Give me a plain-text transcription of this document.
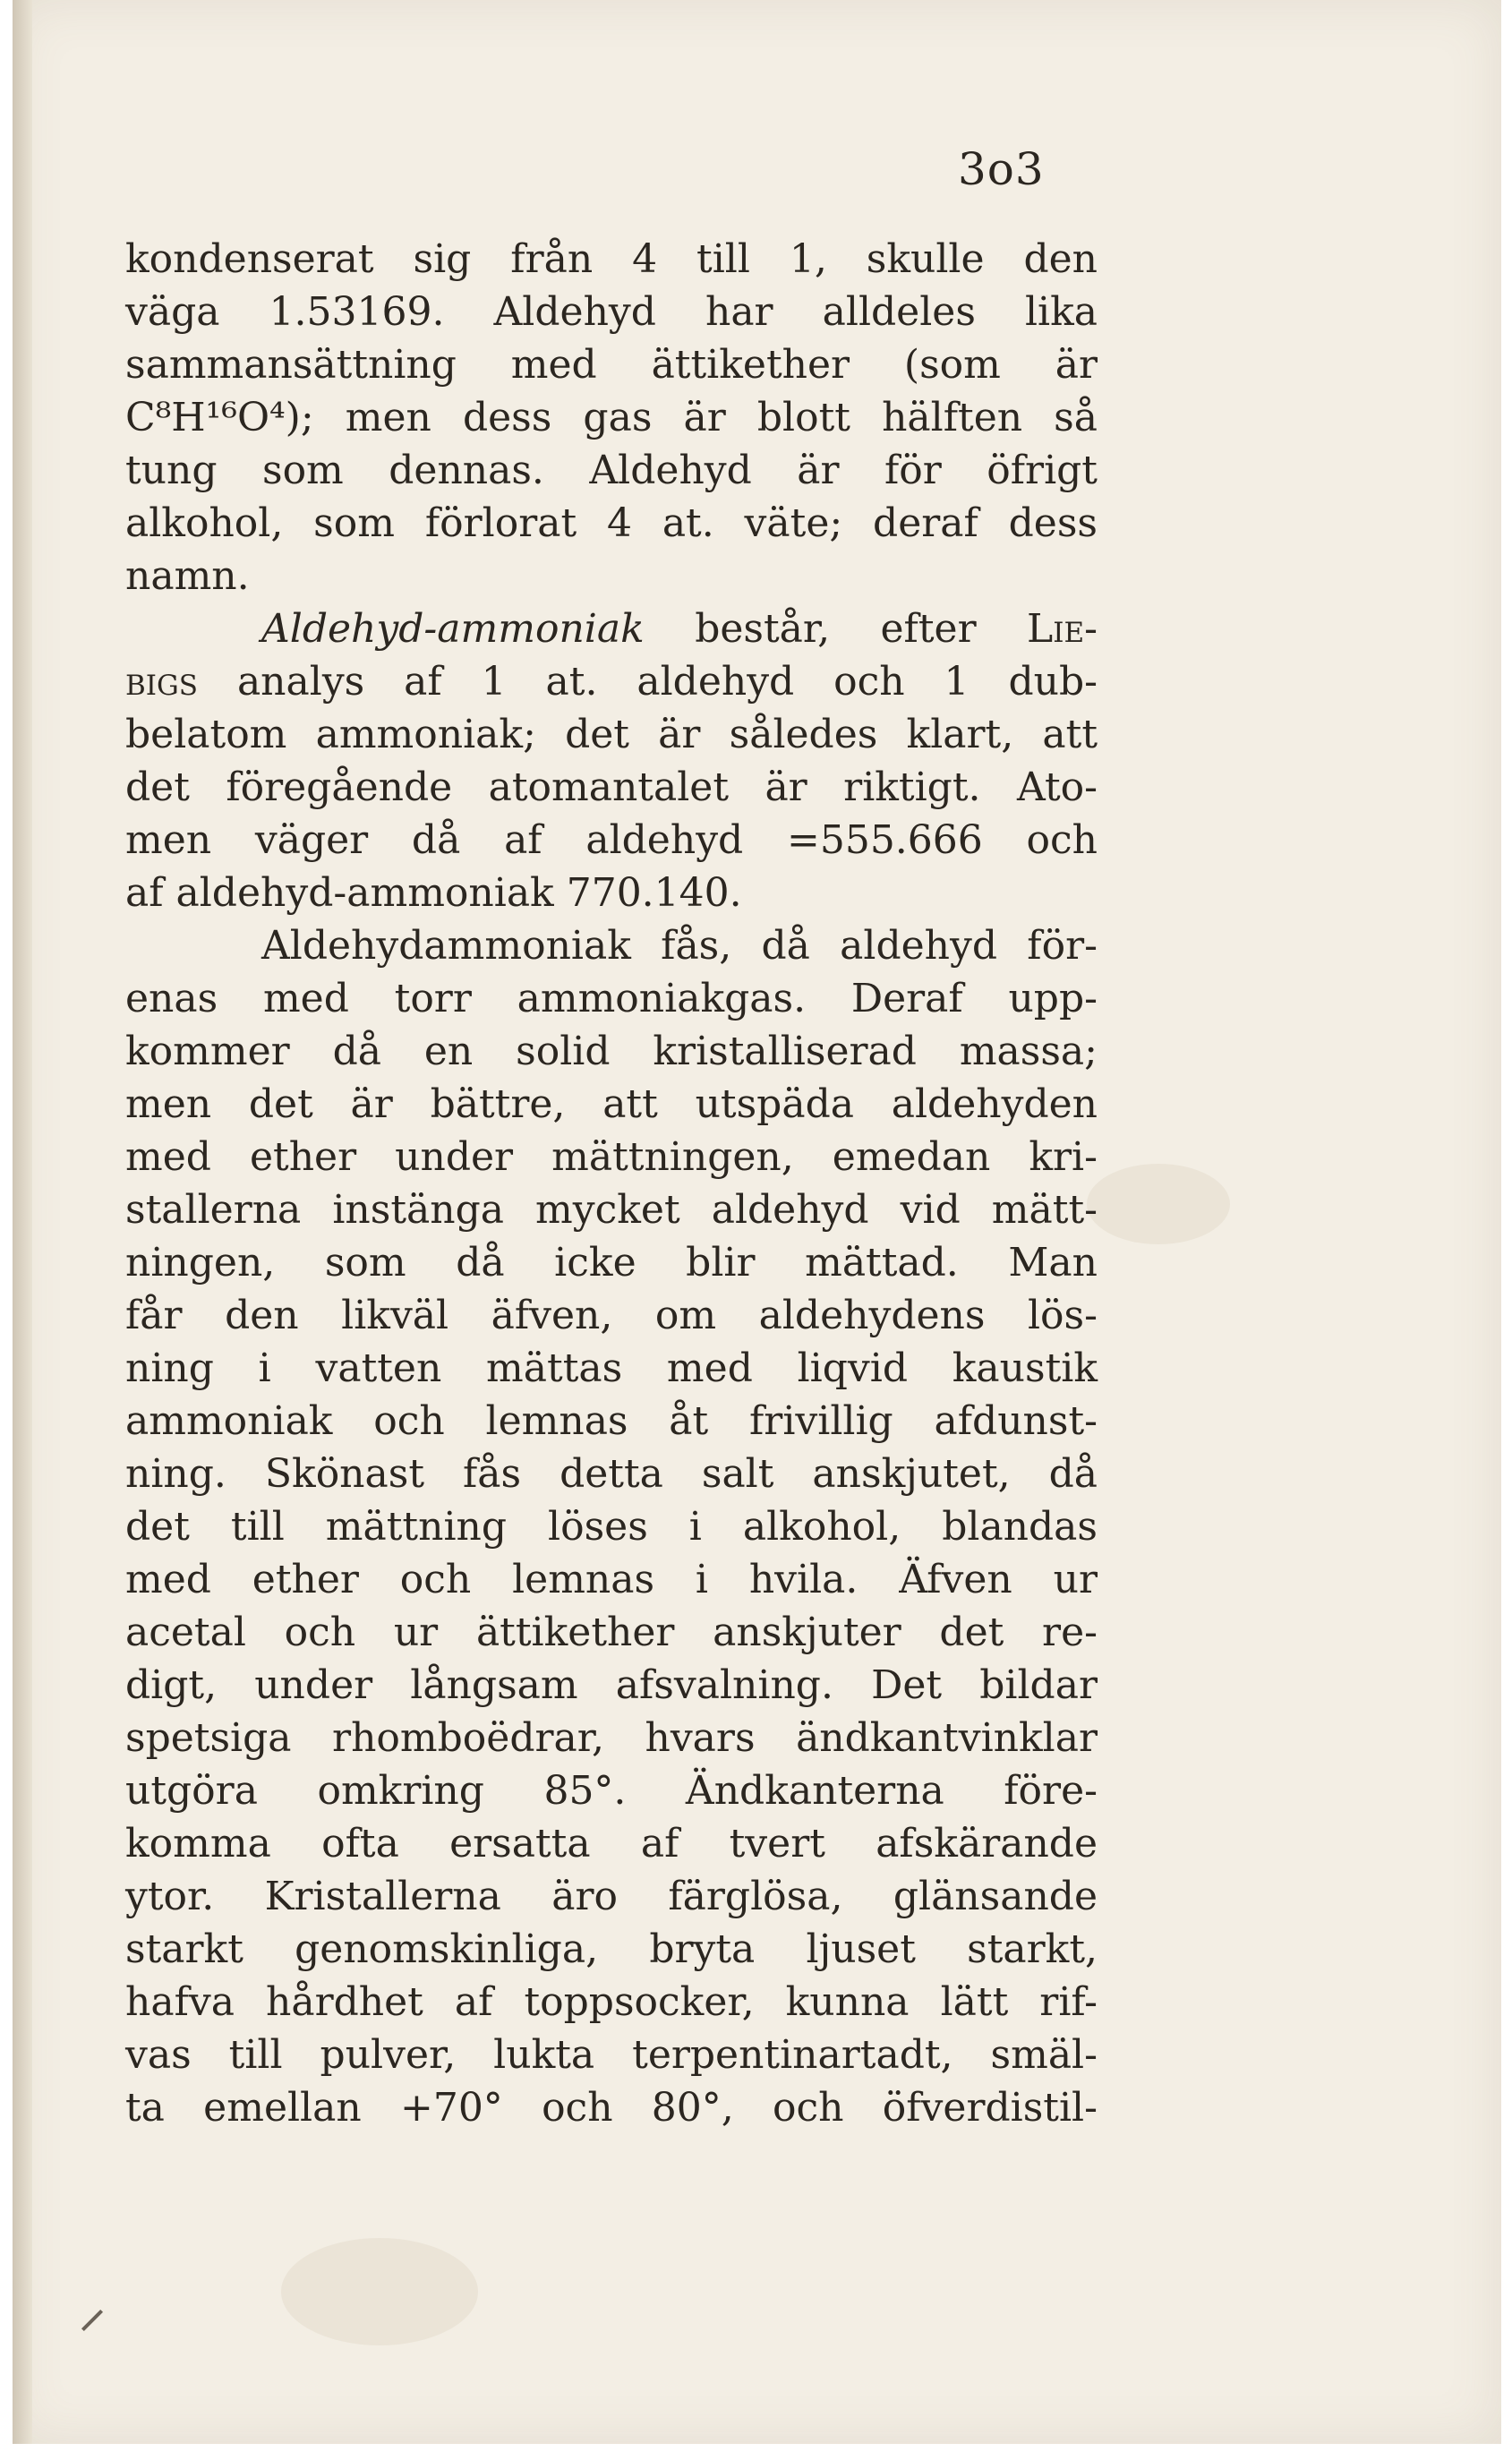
3o3
kondenserat sig från 4 till 1, skulle den
väga 1.53169. Aldehyd har alldeles lika
sammansättning med ättikether (som är
C⁸H¹⁶O⁴); men dess gas är blott hälften så
tung som dennas. Aldehyd är för öfrigt
alkohol, som förlorat 4 at. väte; deraf dess
namn.
Aldehyd-ammoniak består, efter Lie-
bigs analys af 1 at. aldehyd och 1 dub-
belatom ammoniak; det är således klart, att
det föregående atomantalet är riktigt. Ato-
men väger då af aldehyd =555.666 och
af aldehyd-ammoniak 770.140.
Aldehydammoniak fås, då aldehyd för-
enas med torr ammoniakgas. Deraf upp-
kommer då en solid kristalliserad massa;
men det är bättre, att utspäda aldehyden
med ether under mättningen, emedan kri-
stallerna instänga mycket aldehyd vid mätt-
ningen, som då icke blir mättad. Man
får den likväl äfven, om aldehydens lös-
ning i vatten mättas med liqvid kaustik
ammoniak och lemnas åt frivillig afdunst-
ning. Skönast fås detta salt anskjutet, då
det till mättning löses i alkohol, blandas
med ether och lemnas i hvila. Äfven ur
acetal och ur ättikether anskjuter det re-
digt, under långsam afsvalning. Det bildar
spetsiga rhomboëdrar, hvars ändkantvinklar
utgöra omkring 85°. Ändkanterna före-
komma ofta ersatta af tvert afskärande
ytor. Kristallerna äro färglösa, glänsande
starkt genomskinliga, bryta ljuset starkt,
hafva hårdhet af toppsocker, kunna lätt rif-
vas till pulver, lukta terpentinartadt, smäl-
ta emellan +70° och 80°, och öfverdistil-
